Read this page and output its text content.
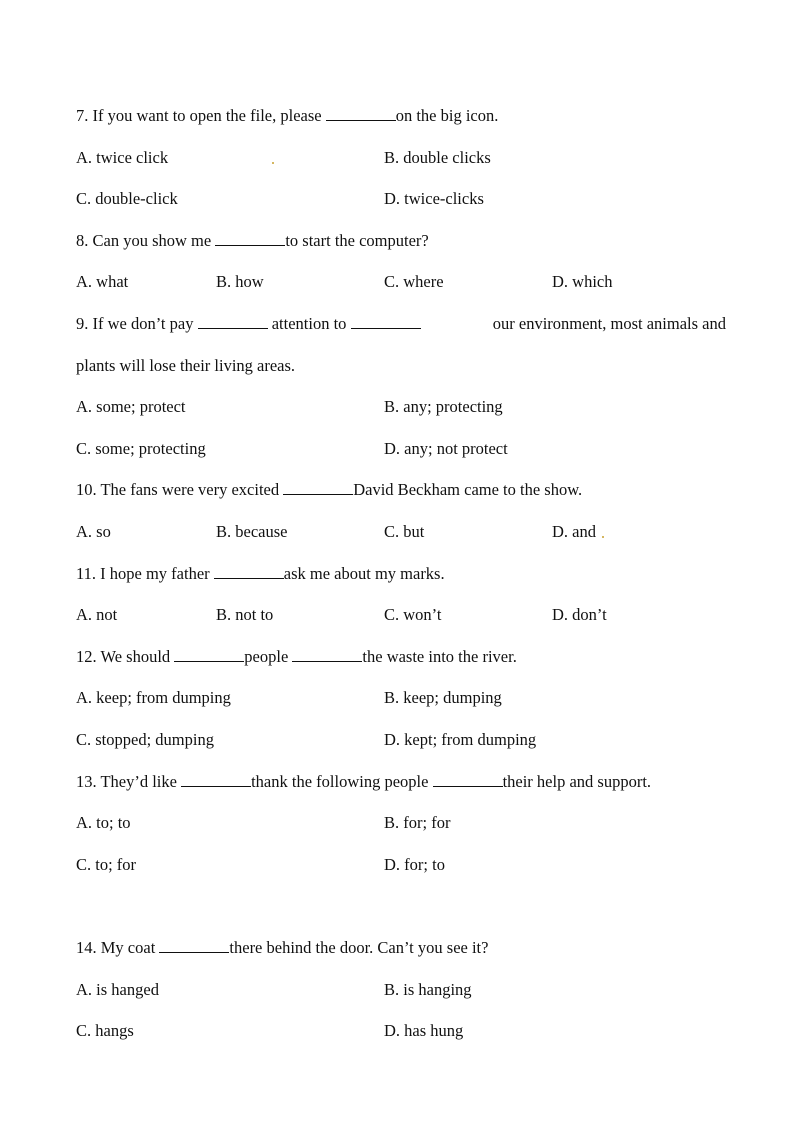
7. If you want to open the file, please	on the big icon.
A. twice click	B. double clicks
C. double-click	D. twice-clicks
8. Can you show me	to start the computer?
A. what	B. how	C. where	D. which
9. If we don’t pay	attention to	our environment, most animals and
plants will lose their living areas.
A. some; protect	B. any; protecting
C. some; protecting	D. any; not protect
10. The fans were very excited	David Beckham came to the show.
A. so	B. because	C. but	D. and
11. I hope my father	ask me about my marks.
A. not	B. not to	C. won’t	D. don’t
12. We should	people	the waste into the river.
A. keep; from dumping	B. keep; dumping
C. stopped; dumping	D. kept; from dumping
13. They’d like	thank the following people	their help and support.
A. to; to	B. for; for
C. to; for	D. for; to
14. My coat	there behind the door. Can’t you see it?
A. is hanged	B. is hanging
C. hangs	D. has hung
